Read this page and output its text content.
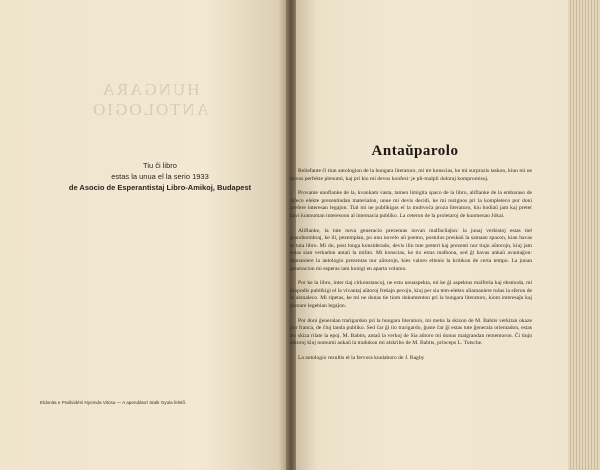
HUNGARA ANTOLOGIO
Tiu ĉi libro
estas la unua el la serio 1933
de Asocio de Esperantistaj Libro-Amikoj, Budapest
Eldonita e Prašvidéni Nyomda Vitcsa — A apendátori Stalk Gyula felelő.
Antaŭparolo

Reliefante ĉi tiun antologion de la hungara literaturo, mi tre konscias, ke mi surprazis taskon, kiun mi ne povos perfekte plenumi, kaj pri kio mi devos konfesi: je pli-malpli doloraj kompromisoj.

Provante unuflanke de la, kvankam vasta, tamen limigita spaco de la libro, aliflanke de la embaraso de riĉeco elekte prezentindan materialon, unue mi devis decidi, ke mi rezignos pri la kompleteco por doni prefere interesan legaĵon. Tial mi ne publikigas el la multvoĉa proza literaturo, kiu hodiaŭ jam kaj preter havi kunnuman interesoon al internacia publiko. La ceteron de la proletaroj de kunmenao Jókai.

Aliflanke, la tute nova generacio prezentas novan malfacilaĵon: la junaj verkistoj estas tiel grandnombraj, ke ili, pezemplan, po unu novelo aŭ poemo, postulus preskaŭ la samaan spacon, kian havas la tuta libro. Mi do, post longa konsiderado, devis ilin tute preteri kaj prezenti nur tiujn aŭtorojn, kiuj jam estas sian verkadon antaŭ la milito. Mi konscias, ke tio estas malbona, sed ĝi havas ankaŭ avantaĝon: tiamaniere la antologio prezentas nur aŭtorojn, kies valoro eltenis la kritikon de certa tempo. La junan generacion mi esperas iam konigi en aparta volumo.

Por ke la libro, inter tiaj cirkonstancoj, ne estu unuaspekta, mi ke ĝi aspektus malfreŝa kaj eksmoda, mi klopodis publikigi el la vivantaj aŭtoroj freŝajn pecojn, kiuj per sia tem-elekto aliamaniere tuŝas la sferon de la aktualeco. Mi ripetas, ke mi ne donas tie tiom dokumenton pri la hungara literaturo, kiom interesaĵn kaj plezure legeblan legaĵon.

Por doni ĝeneralan trarigardon pri la hungara literaturo, mi metis la skizon de M. Babits verkitan okaze por franca, de ĉiuj landa publiko. Sed ĉar ĝi tio trarigardo, ĝuste ĉar ĝi estas tute ĝenerala orientadon, estas tro skiza rilate la epoj. M. Babits, antaŭ la verkoj de Sia aŭtoro mi donus malgrandan rememoron. Ĉi tiujn aŭtoroj kiuj nomumi ankaŭ la tradukon mi alskribo de M. Babits, princeps L. Tutsche.

La antologio rezultis el la fervora kunlaboro de J. Bagby
